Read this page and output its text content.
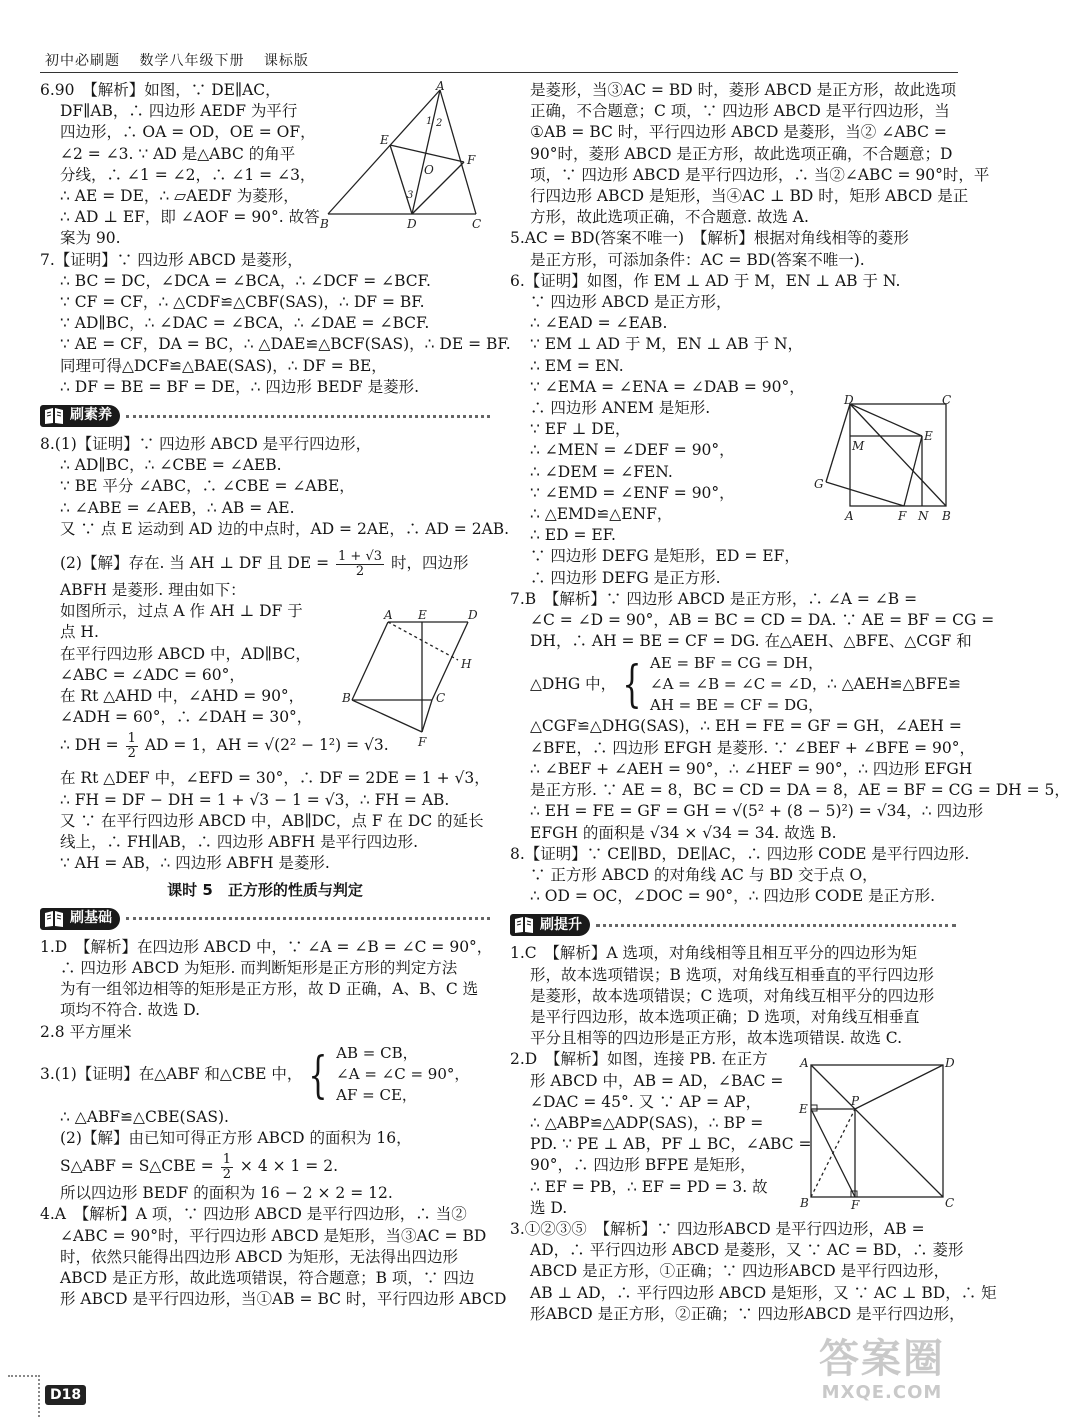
初中必刷题 数学八年级下册 课标版

6.90　【解析】如图，∵ DE∥AC，

DF∥AB，∴ 四边形 AEDF 为平行

四边形，∴ OA = OD，OE = OF，

∠2 = ∠3. ∵ AD 是△ABC 的角平

分线，∴ ∠1 = ∠2，∴ ∠1 = ∠3，

∴ AE = DE，∴ ▱AEDF 为菱形，

∴ AD ⊥ EF，即 ∠AOF = 90°. 故答

案为 90.

7.【证明】∵ 四边形 ABCD 是菱形，

∴ BC = DC，∠DCA = ∠BCA，∴ ∠DCF = ∠BCF.

∵ CF = CF，∴ △CDF≌△CBF(SAS)，∴ DF = BF.

∵ AD∥BC，∴ ∠DAC = ∠BCA，∴ ∠DAE = ∠BCF.

∵ AE = CF，DA = BC，∴ △DAE≌△BCF(SAS)，∴ DE = BF.

同理可得△DCF≌△BAE(SAS)，∴ DF = BE，

∴ DF = BE = BF = DE，∴ 四边形 BEDF 是菱形.

刷素养

8.(1)【证明】∵ 四边形 ABCD 是平行四边形，

∴ AD∥BC，∴ ∠CBE = ∠AEB.

∵ BE 平分 ∠ABC，∴ ∠CBE = ∠ABE，

∴ ∠ABE = ∠AEB，∴ AB = AE.

又 ∵ 点 E 运动到 AD 边的中点时，AD = 2AE，∴ AD = 2AB.

(2)【解】存在. 当 AH ⊥ DF 且 DE = $\frac{1 + √3}{2}$ 时，四边形

ABFH 是菱形. 理由如下：

如图所示，过点 A 作 AH ⊥ DF 于

点 H.

在平行四边形 ABCD 中，AD∥BC，

∠ABC = ∠ADC = 60°，

在 Rt △AHD 中，∠AHD = 90°，

∠ADH = 60°，∴ ∠DAH = 30°，

∴ DH = $\frac{1}{2}$ AD = 1，AH = √(2² − 1²) = √3.

在 Rt △DEF 中，∠EFD = 30°，∴ DF = 2DE = 1 + √3，

∴ FH = DF − DH = 1 + √3 − 1 = √3，∴ FH = AB.

又 ∵ 在平行四边形 ABCD 中，AB∥DC，点 F 在 DC 的延长

线上，∴ FH∥AB，∴ 四边形 ABFH 是平行四边形.

∵ AH = AB，∴ 四边形 ABFH 是菱形.

课时 5　正方形的性质与判定
刷基础

1.D　【解析】在四边形 ABCD 中，∵ ∠A = ∠B = ∠C = 90°，

∴ 四边形 ABCD 为矩形. 而判断矩形是正方形的判定方法

为有一组邻边相等的矩形是正方形，故 D 正确，A、B、C 选

项均不符合. 故选 D.

2.8 平方厘米

3.(1)【证明】在△ABF 和△CBE 中， { AB = CB，
∠A = ∠C = 90°，
AF = CE，

∴ △ABF≌△CBE(SAS).

(2)【解】由已知可得正方形 ABCD 的面积为 16，

S△ABF = S△CBE = $\frac{1}{2} \times 4 \times 1 = 2$.

所以四边形 BEDF 的面积为 16 − 2 × 2 = 12.

4.A　【解析】A 项，∵ 四边形 ABCD 是平行四边形，∴ 当②

∠ABC = 90°时，平行四边形 ABCD 是矩形，当③AC = BD

时，依然只能得出四边形 ABCD 为矩形，无法得出四边形

ABCD 是正方形，故此选项错误，符合题意；B 项，∵ 四边

形 ABCD 是平行四边形，当①AB = BC 时，平行四边形 ABCD

A
B	C
D
E
F
O
1 2
3
A E	D
H
B	C
F

是菱形，当③AC = BD 时，菱形 ABCD 是正方形，故此选项

正确，不合题意；C 项，∵ 四边形 ABCD 是平行四边形，当

①AB = BC 时，平行四边形 ABCD 是菱形，当② ∠ABC =

90°时，菱形 ABCD 是正方形，故此选项正确，不合题意；D

项，∵ 四边形 ABCD 是平行四边形，∴ 当②∠ABC = 90°时，平

行四边形 ABCD 是矩形，当④AC ⊥ BD 时，矩形 ABCD 是正

方形，故此选项正确，不合题意. 故选 A.

5.AC = BD(答案不唯一)　【解析】根据对角线相等的菱形

是正方形，可添加条件：AC = BD(答案不唯一).

6.【证明】如图，作 EM ⊥ AD 于 M，EN ⊥ AB 于 N.

∵ 四边形 ABCD 是正方形，

∴ ∠EAD = ∠EAB.

∵ EM ⊥ AD 于 M，EN ⊥ AB 于 N，

∴ EM = EN.

∵ ∠EMA = ∠ENA = ∠DAB = 90°，

∴ 四边形 ANEM 是矩形.

∵ EF ⊥ DE，

∴ ∠MEN = ∠DEF = 90°，

∴ ∠DEM = ∠FEN.

∵ ∠EMD = ∠ENF = 90°，

∴ △EMD≌△ENF，

∴ ED = EF.

∵ 四边形 DEFG 是矩形，ED = EF，

∴ 四边形 DEFG 是正方形.

7.B　【解析】∵ 四边形 ABCD 是正方形，∴ ∠A = ∠B =

∠C = ∠D = 90°，AB = BC = CD = DA. ∵ AE = BF = CG =

DH，∴ AH = BE = CF = DG. 在△AEH、△BFE、△CGF 和

△DHG 中， { AE = BF = CG = DH，
∠A = ∠B = ∠C = ∠D，
AH = BE = CF = DG，
∴ △AEH≌△BFE≌

△CGF≌△DHG(SAS)，∴ EH = FE = GF = GH，∠AEH =

∠BFE，∴ 四边形 EFGH 是菱形. ∵ ∠BEF + ∠BFE = 90°，

∴ ∠BEF + ∠AEH = 90°，∴ ∠HEF = 90°，∴ 四边形 EFGH

是正方形. ∵ AE = 8，BC = CD = DA = 8，AE = BF = CG = DH = 5，

∴ EH = FE = GF = GH = √(5² + (8 − 5)²) = √34，∴ 四边形

EFGH 的面积是 √34 × √34 = 34. 故选 B.

8.【证明】∵ CE∥BD，DE∥AC，∴ 四边形 CODE 是平行四边形.

∵ 正方形 ABCD 的对角线 AC 与 BD 交于点 O，

∴ OD = OC，∠DOC = 90°，∴ 四边形 CODE 是正方形.

刷提升

1.C　【解析】A 选项，对角线相等且相互平分的四边形为矩

形，故本选项错误；B 选项，对角线互相垂直的平行四边形

是菱形，故本选项错误；C 选项，对角线互相平分的四边形

是平行四边形，故本选项正确；D 选项，对角线互相垂直

平分且相等的四边形是正方形，故本选项错误. 故选 C.

2.D　【解析】如图，连接 PB. 在正方

形 ABCD 中，AB = AD，∠BAC =

∠DAC = 45°. 又 ∵ AP = AP，

∴ △ABP≌△ADP(SAS)，∴ BP =

PD. ∵ PE ⊥ AB，PF ⊥ BC，∠ABC =

90°，∴ 四边形 BFPE 是矩形，

∴ EF = PB，∴ EF = PD = 3. 故

选 D.

3.①②③⑤　【解析】∵ 四边形ABCD 是平行四边形，AB =

AD，∴ 平行四边形 ABCD 是菱形，又 ∵ AC = BD，∴ 菱形

ABCD 是正方形，①正确；∵ 四边形ABCD 是平行四边形，

AB ⊥ AD，∴ 平行四边形 ABCD 是矩形，又 ∵ AC ⊥ BD，∴ 矩

形ABCD 是正方形，②正确；∵ 四边形ABCD 是平行四边形，

D	C
M
E
G
A	F N B
A	D
E
P
B	F	C
D18
答案圈
MXQE.COM
